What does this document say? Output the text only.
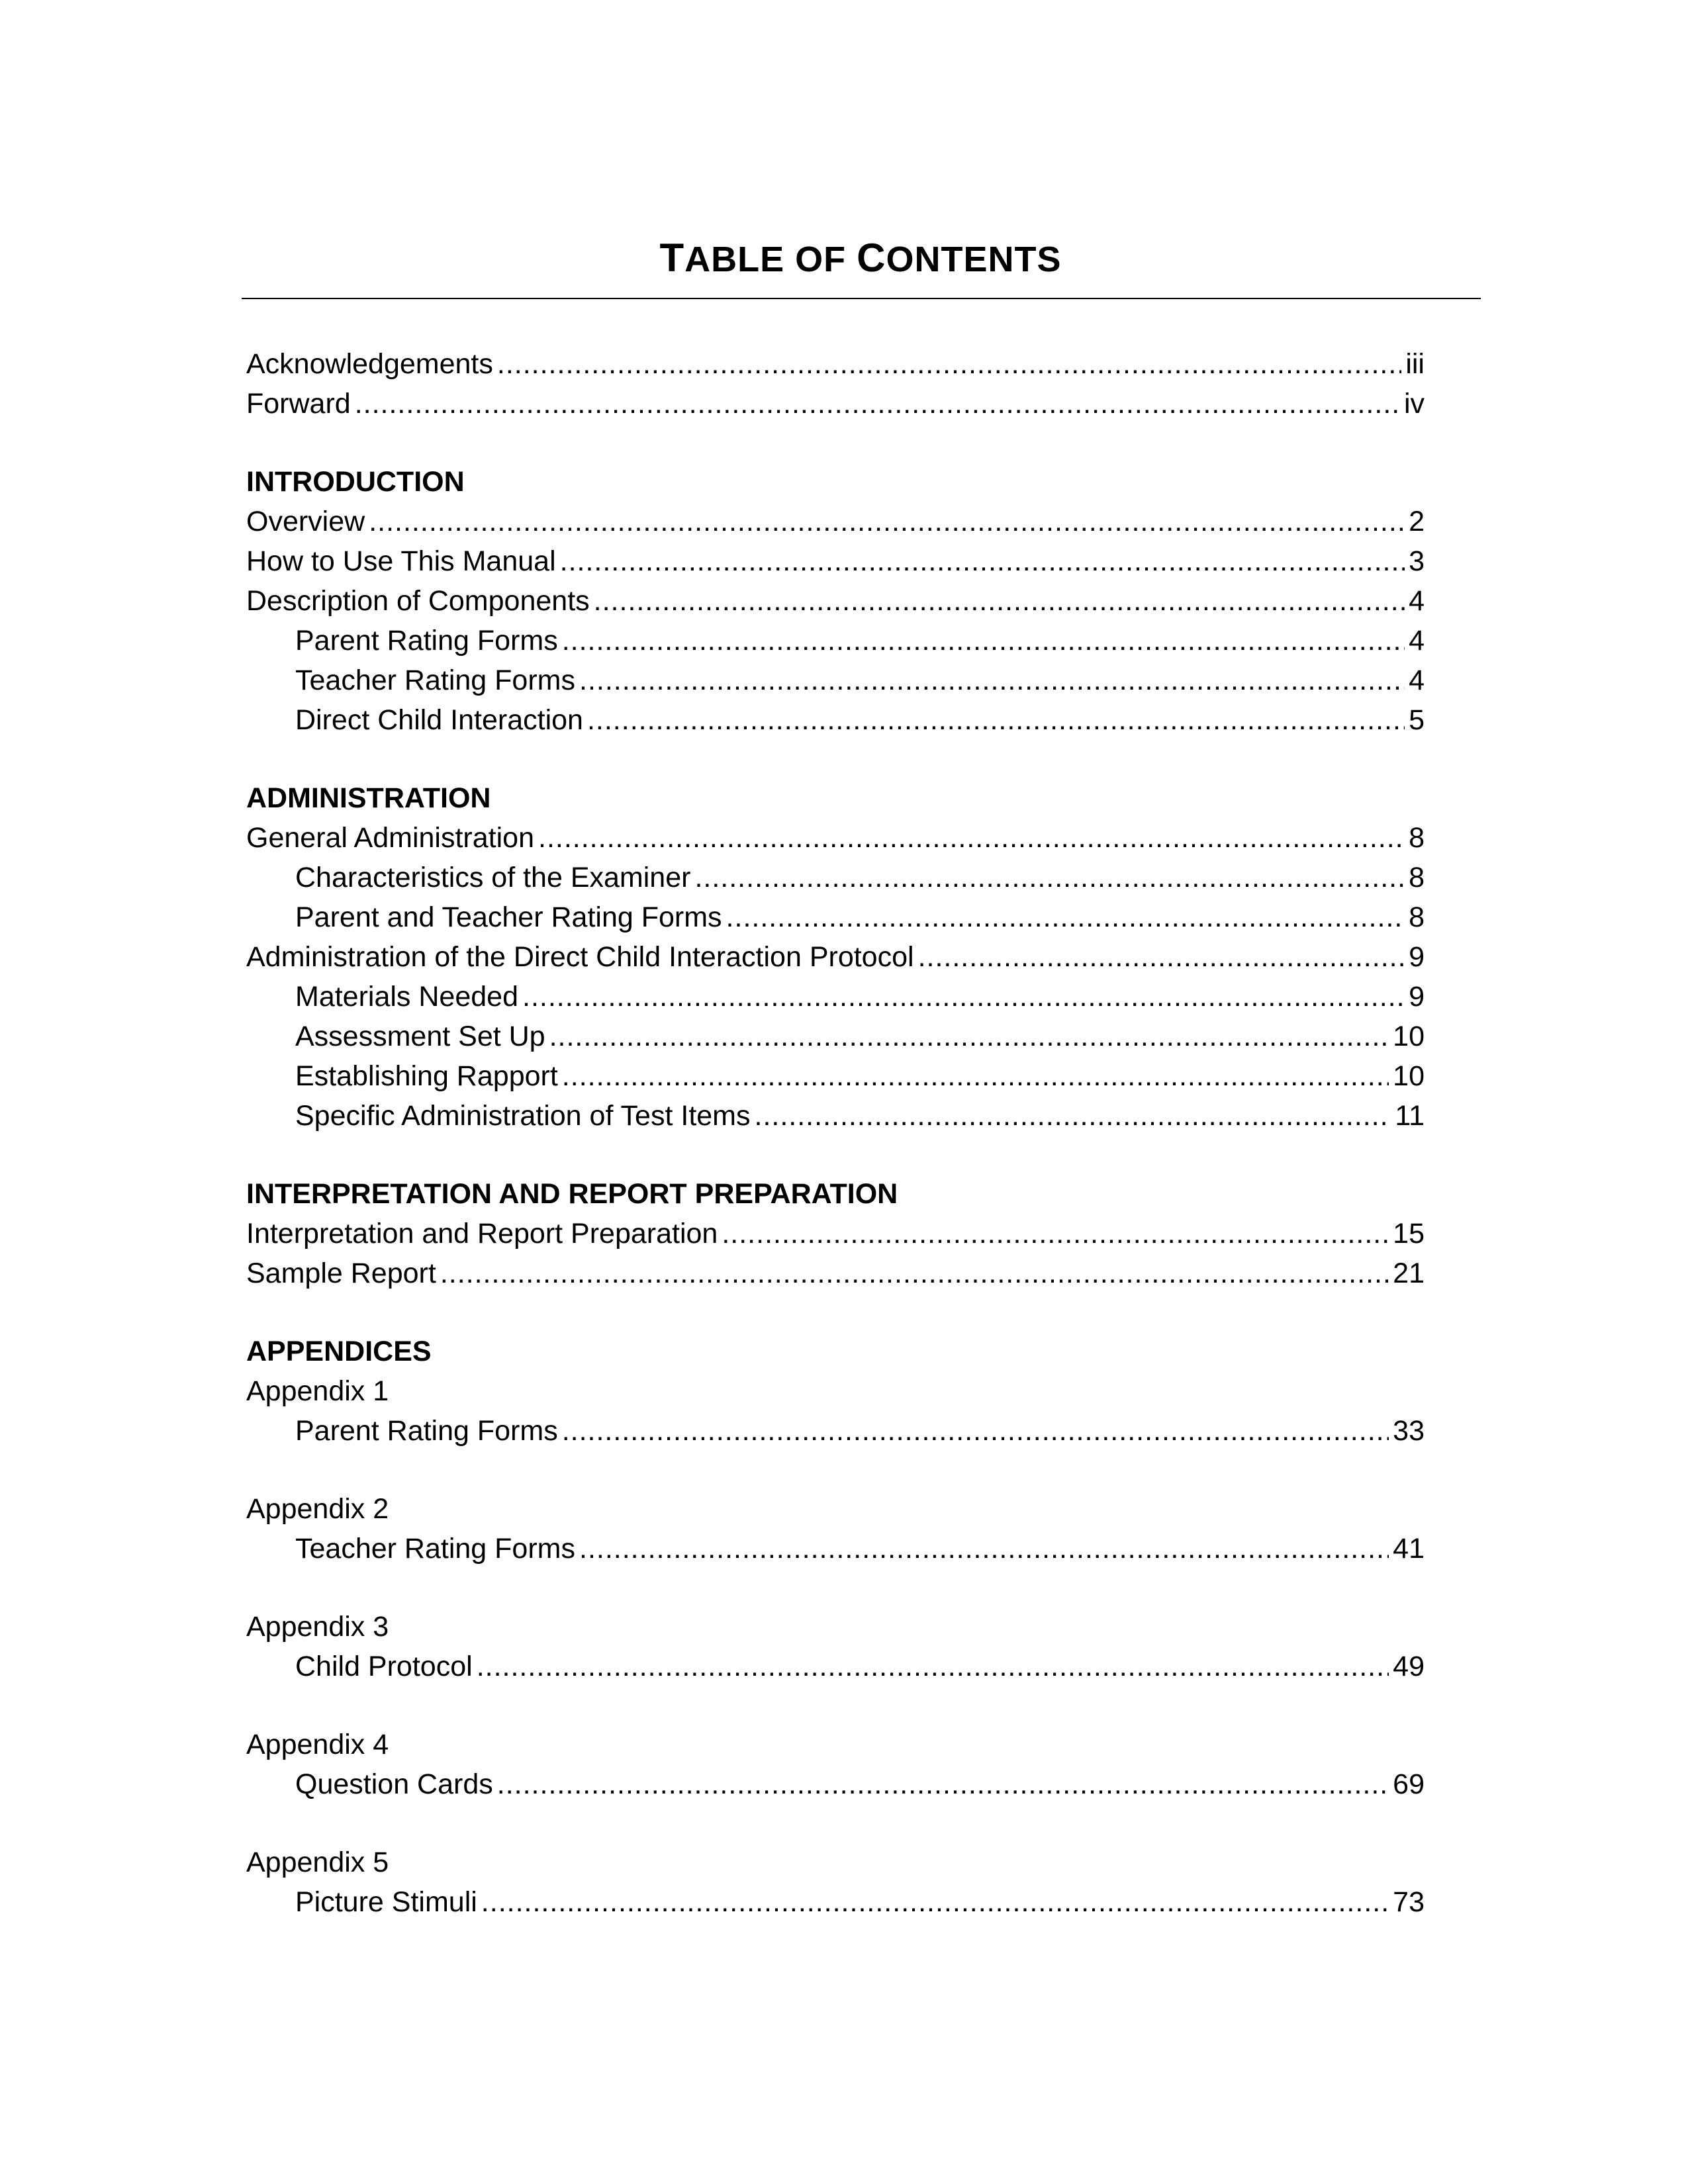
TABLE OF CONTENTS
Acknowledgements .....	iii
Forward .....	iv
INTRODUCTION
Overview .....	2
How to Use This Manual .....	3
Description of Components .....	4
Parent Rating Forms .....	4
Teacher Rating Forms .....	4
Direct Child Interaction .....	5
ADMINISTRATION
General Administration .....	8
Characteristics of the Examiner .....	8
Parent and Teacher Rating Forms .....	8
Administration of the Direct Child Interaction Protocol .....	9
Materials Needed .....	9
Assessment Set Up .....	10
Establishing Rapport .....	10
Specific Administration of Test Items .....	11
INTERPRETATION AND REPORT PREPARATION
Interpretation and Report Preparation .....	15
Sample Report .....	21
APPENDICES
Appendix 1
Parent Rating Forms .....	33
Appendix 2
Teacher Rating Forms .....	41
Appendix 3
Child Protocol .....	49
Appendix 4
Question Cards .....	69
Appendix 5
Picture Stimuli .....	73
